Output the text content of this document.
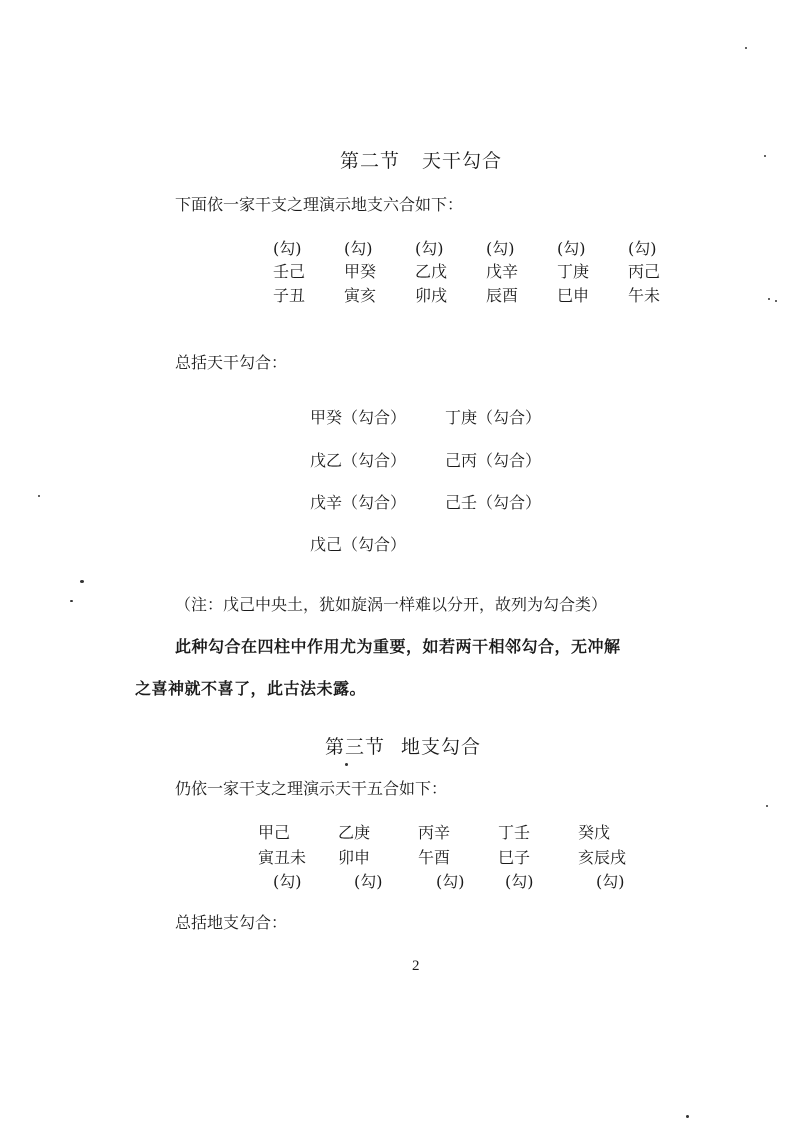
第二节 天干勾合
下面依一家干支之理演示地支六合如下：
(勾)	(勾)	(勾)	(勾)	(勾)	(勾)
壬己 甲癸 乙戊 戊辛 丁庚 丙己
子丑 寅亥 卯戌 辰酉 巳申 午未
总括天干勾合：
甲癸（勾合） 丁庚（勾合）
戊乙（勾合） 己丙（勾合）
戊辛（勾合） 己壬（勾合）
戊己（勾合）
（注：戊己中央土，犹如旋涡一样难以分开，故列为勾合类）
此种勾合在四柱中作用尤为重要，如若两干相邻勾合，无冲解
之喜神就不喜了，此古法未露。
第三节 地支勾合
仍依一家干支之理演示天干五合如下：
甲己	乙庚	丙辛	丁壬	癸戊
寅丑未 卯申	午酉	巳子	亥辰戌
(勾)	(勾)	(勾)	(勾)	(勾)
总括地支勾合：
2
